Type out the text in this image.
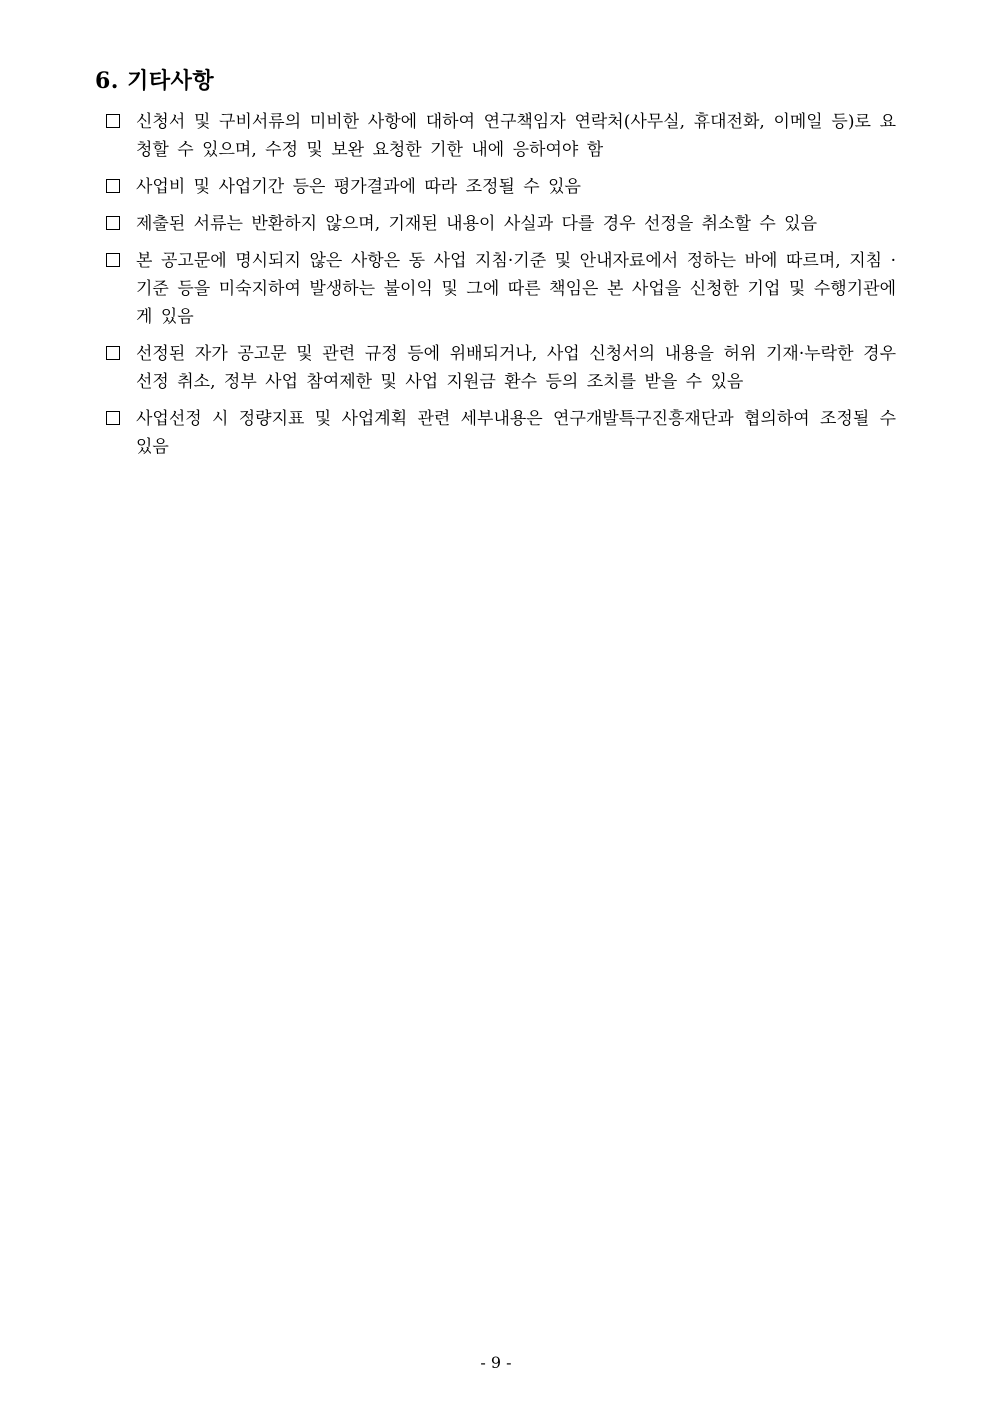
6. 기타사항
신청서 및 구비서류의 미비한 사항에 대하여 연구책임자 연락처(사무실, 휴대전화, 이메일 등)로 요청할 수 있으며, 수정 및 보완 요청한 기한 내에 응하여야 함
사업비 및 사업기간 등은 평가결과에 따라 조정될 수 있음
제출된 서류는 반환하지 않으며, 기재된 내용이 사실과 다를 경우 선정을 취소할 수 있음
본 공고문에 명시되지 않은 사항은 동 사업 지침·기준 및 안내자료에서 정하는 바에 따르며, 지침 · 기준 등을 미숙지하여 발생하는 불이익 및 그에 따른 책임은 본 사업을 신청한 기업 및 수행기관에게 있음
선정된 자가 공고문 및 관련 규정 등에 위배되거나, 사업 신청서의 내용을 허위 기재·누락한 경우 선정 취소, 정부 사업 참여제한 및 사업 지원금 환수 등의 조치를 받을 수 있음
사업선정 시 정량지표 및 사업계획 관련 세부내용은 연구개발특구진흥재단과 협의하여 조정될 수 있음
- 9 -
